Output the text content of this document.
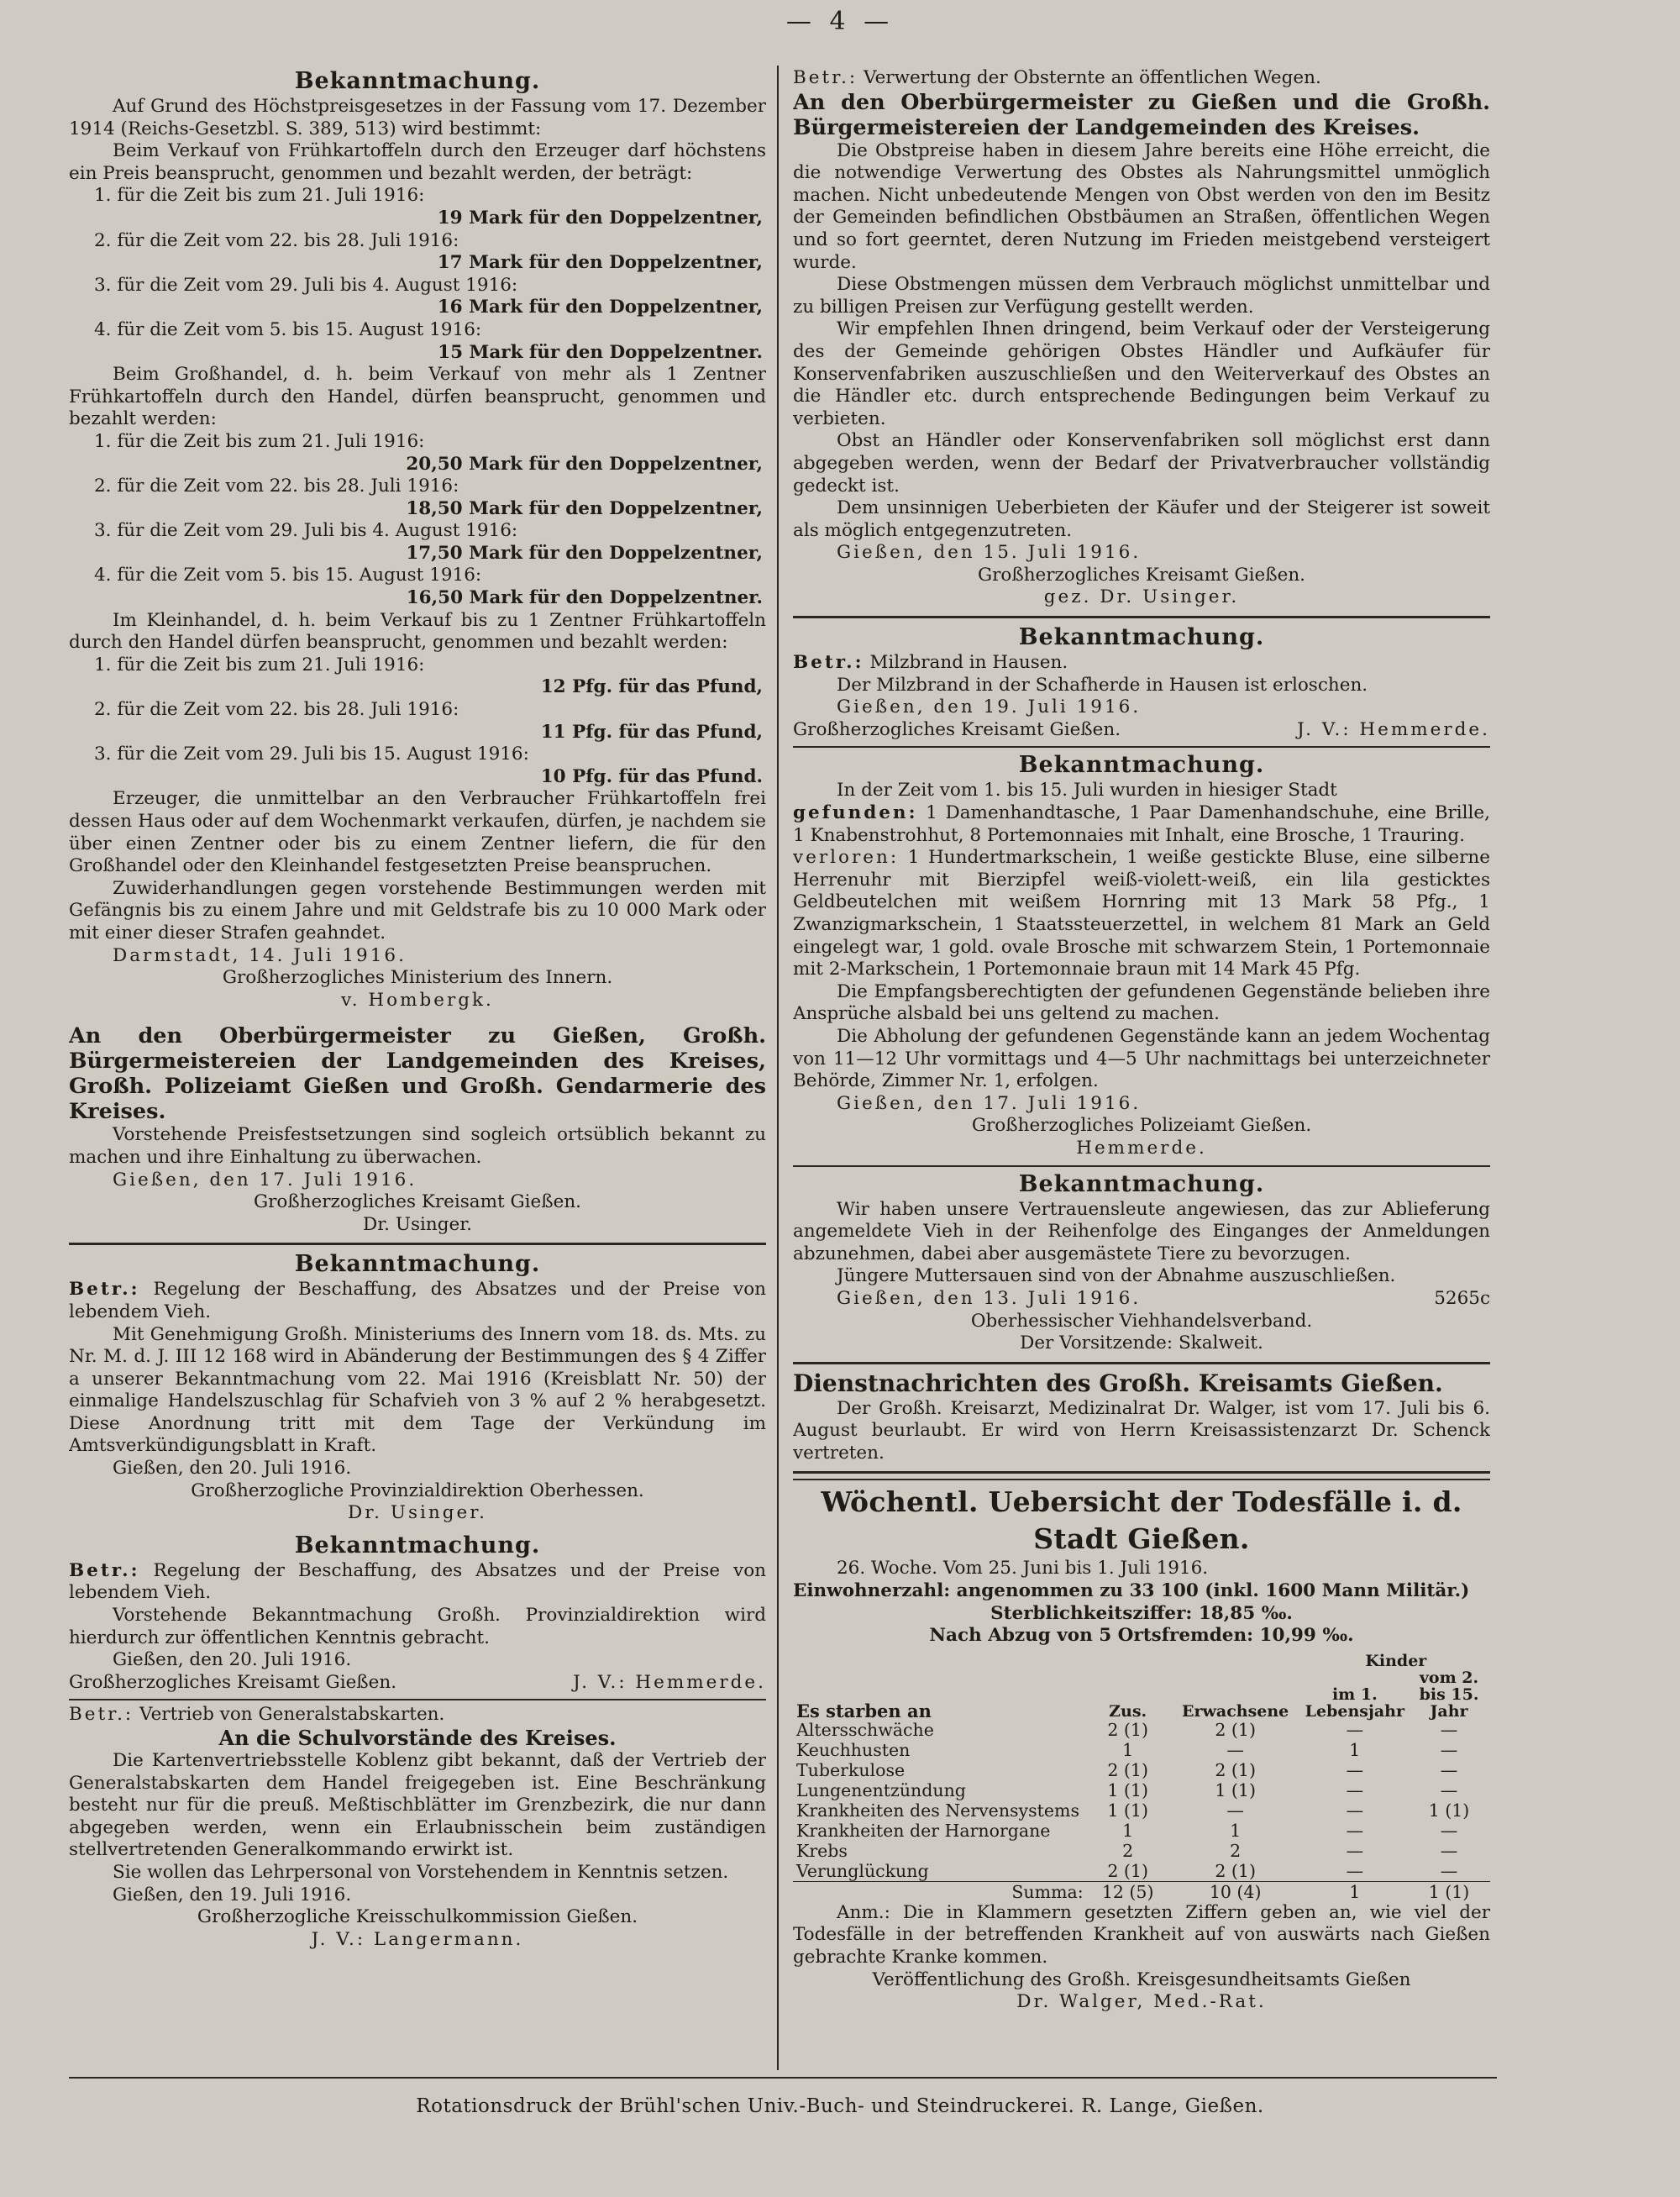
— 4 —
Bekanntmachung.

Auf Grund des Höchstpreisgesetzes in der Fassung vom 17. Dezember 1914 (Reichs-Gesetzbl. S. 389, 513) wird bestimmt:

Beim Verkauf von Frühkartoffeln durch den Erzeuger darf höchstens ein Preis beansprucht, genommen und bezahlt werden, der beträgt:

1. für die Zeit bis zum 21. Juli 1916:

19 Mark für den Doppelzentner,

2. für die Zeit vom 22. bis 28. Juli 1916:

17 Mark für den Doppelzentner,

3. für die Zeit vom 29. Juli bis 4. August 1916:

16 Mark für den Doppelzentner,

4. für die Zeit vom 5. bis 15. August 1916:

15 Mark für den Doppelzentner.

Beim Großhandel, d. h. beim Verkauf von mehr als 1 Zentner Frühkartoffeln durch den Handel, dürfen beansprucht, genommen und bezahlt werden:

1. für die Zeit bis zum 21. Juli 1916:

20,50 Mark für den Doppelzentner,

2. für die Zeit vom 22. bis 28. Juli 1916:

18,50 Mark für den Doppelzentner,

3. für die Zeit vom 29. Juli bis 4. August 1916:

17,50 Mark für den Doppelzentner,

4. für die Zeit vom 5. bis 15. August 1916:

16,50 Mark für den Doppelzentner.

Im Kleinhandel, d. h. beim Verkauf bis zu 1 Zentner Frühkartoffeln durch den Handel dürfen beansprucht, genommen und bezahlt werden:

1. für die Zeit bis zum 21. Juli 1916:

12 Pfg. für das Pfund,

2. für die Zeit vom 22. bis 28. Juli 1916:

11 Pfg. für das Pfund,

3. für die Zeit vom 29. Juli bis 15. August 1916:

10 Pfg. für das Pfund.

Erzeuger, die unmittelbar an den Verbraucher Frühkartoffeln frei dessen Haus oder auf dem Wochenmarkt verkaufen, dürfen, je nachdem sie über einen Zentner oder bis zu einem Zentner liefern, die für den Großhandel oder den Kleinhandel festgesetzten Preise beanspruchen.

Zuwiderhandlungen gegen vorstehende Bestimmungen werden mit Gefängnis bis zu einem Jahre und mit Geldstrafe bis zu 10 000 Mark oder mit einer dieser Strafen geahndet.

Darmstadt, 14. Juli 1916.

Großherzogliches Ministerium des Innern.

v. Hombergk.

An den Oberbürgermeister zu Gießen, Großh. Bürgermeistereien der Landgemeinden des Kreises, Großh. Polizeiamt Gießen und Großh. Gendarmerie des Kreises.

Vorstehende Preisfestsetzungen sind sogleich ortsüblich bekannt zu machen und ihre Einhaltung zu überwachen.

Gießen, den 17. Juli 1916.

Großherzogliches Kreisamt Gießen.

Dr. Usinger.

Bekanntmachung.

Betr.: Regelung der Beschaffung, des Absatzes und der Preise von lebendem Vieh.

Mit Genehmigung Großh. Ministeriums des Innern vom 18. ds. Mts. zu Nr. M. d. J. III 12 168 wird in Abänderung der Bestimmungen des § 4 Ziffer a unserer Bekanntmachung vom 22. Mai 1916 (Kreisblatt Nr. 50) der einmalige Handelszuschlag für Schafvieh von 3 % auf 2 % herabgesetzt. Diese Anordnung tritt mit dem Tage der Verkündung im Amtsverkündigungsblatt in Kraft.

Gießen, den 20. Juli 1916.

Großherzogliche Provinzialdirektion Oberhessen.

Dr. Usinger.

Bekanntmachung.

Betr.: Regelung der Beschaffung, des Absatzes und der Preise von lebendem Vieh.

Vorstehende Bekanntmachung Großh. Provinzialdirektion wird hierdurch zur öffentlichen Kenntnis gebracht.

Gießen, den 20. Juli 1916.

Großherzogliches Kreisamt Gießen.	J. V.: Hemmerde.

Betr.: Vertrieb von Generalstabskarten.

An die Schulvorstände des Kreises.

Die Kartenvertriebsstelle Koblenz gibt bekannt, daß der Vertrieb der Generalstabskarten dem Handel freigegeben ist. Eine Beschränkung besteht nur für die preuß. Meßtischblätter im Grenzbezirk, die nur dann abgegeben werden, wenn ein Erlaubnisschein beim zuständigen stellvertretenden Generalkommando erwirkt ist.

Sie wollen das Lehrpersonal von Vorstehendem in Kenntnis setzen.

Gießen, den 19. Juli 1916.

Großherzogliche Kreisschulkommission Gießen.

J. V.: Langermann.

Betr.: Verwertung der Obsternte an öffentlichen Wegen.

An den Oberbürgermeister zu Gießen und die Großh. Bürgermeistereien der Landgemeinden des Kreises.

Die Obstpreise haben in diesem Jahre bereits eine Höhe erreicht, die die notwendige Verwertung des Obstes als Nahrungsmittel unmöglich machen. Nicht unbedeutende Mengen von Obst werden von den im Besitz der Gemeinden befindlichen Obstbäumen an Straßen, öffentlichen Wegen und so fort geerntet, deren Nutzung im Frieden meistgebend versteigert wurde.

Diese Obstmengen müssen dem Verbrauch möglichst unmittelbar und zu billigen Preisen zur Verfügung gestellt werden.

Wir empfehlen Ihnen dringend, beim Verkauf oder der Versteigerung des der Gemeinde gehörigen Obstes Händler und Aufkäufer für Konservenfabriken auszuschließen und den Weiterverkauf des Obstes an die Händler etc. durch entsprechende Bedingungen beim Verkauf zu verbieten.

Obst an Händler oder Konservenfabriken soll möglichst erst dann abgegeben werden, wenn der Bedarf der Privatverbraucher vollständig gedeckt ist.

Dem unsinnigen Ueberbieten der Käufer und der Steigerer ist soweit als möglich entgegenzutreten.

Gießen, den 15. Juli 1916.

Großherzogliches Kreisamt Gießen.

gez. Dr. Usinger.

Bekanntmachung.

Betr.: Milzbrand in Hausen.

Der Milzbrand in der Schafherde in Hausen ist erloschen.

Gießen, den 19. Juli 1916.

Großherzogliches Kreisamt Gießen.	J. V.: Hemmerde.

Bekanntmachung.

In der Zeit vom 1. bis 15. Juli wurden in hiesiger Stadt

gefunden: 1 Damenhandtasche, 1 Paar Damenhandschuhe, eine Brille, 1 Knabenstrohhut, 8 Portemonnaies mit Inhalt, eine Brosche, 1 Trauring.

verloren: 1 Hundertmarkschein, 1 weiße gestickte Bluse, eine silberne Herrenuhr mit Bierzipfel weiß-violett-weiß, ein lila gesticktes Geldbeutelchen mit weißem Hornring mit 13 Mark 58 Pfg., 1 Zwanzigmarkschein, 1 Staatssteuerzettel, in welchem 81 Mark an Geld eingelegt war, 1 gold. ovale Brosche mit schwarzem Stein, 1 Portemonnaie mit 2-Markschein, 1 Portemonnaie braun mit 14 Mark 45 Pfg.

Die Empfangsberechtigten der gefundenen Gegenstände belieben ihre Ansprüche alsbald bei uns geltend zu machen.

Die Abholung der gefundenen Gegenstände kann an jedem Wochentag von 11—12 Uhr vormittags und 4—5 Uhr nachmittags bei unterzeichneter Behörde, Zimmer Nr. 1, erfolgen.

Gießen, den 17. Juli 1916.

Großherzogliches Polizeiamt Gießen.

Hemmerde.

Bekanntmachung.

Wir haben unsere Vertrauensleute angewiesen, das zur Ablieferung angemeldete Vieh in der Reihenfolge des Einganges der Anmeldungen abzunehmen, dabei aber ausgemästete Tiere zu bevorzugen.

Jüngere Muttersauen sind von der Abnahme auszuschließen.

Gießen, den 13. Juli 1916.	5265c

Oberhessischer Viehhandelsverband.

Der Vorsitzende: Skalweit.

Dienstnachrichten des Großh. Kreisamts Gießen.

Der Großh. Kreisarzt, Medizinalrat Dr. Walger, ist vom 17. Juli bis 6. August beurlaubt. Er wird von Herrn Kreisassistenzarzt Dr. Schenck vertreten.

Wöchentl. Uebersicht der Todesfälle i. d. Stadt Gießen.

26. Woche. Vom 25. Juni bis 1. Juli 1916.

Einwohnerzahl: angenommen zu 33 100 (inkl. 1600 Mann Militär.)

Sterblichkeitsziffer: 18,85 ‰.

Nach Abzug von 5 Ortsfremden: 10,99 ‰.

Es starben an	Zus.	Erwachsene	Kinder	
			im 1. Lebensjahr	vom 2. bis 15. Jahr
Altersschwäche	2 (1)	2 (1)	—	—
Keuchhusten	1	—	1	—
Tuberkulose	2 (1)	2 (1)	—	—
Lungenentzündung	1 (1)	1 (1)	—	—
Krankheiten des Nervensystems	1 (1)	—	—	1 (1)
Krankheiten der Harnorgane	1	1	—	—
Krebs	2	2	—	—
Verunglückung	2 (1)	2 (1)	—	—
Summa:	12 (5)	10 (4)	1	1 (1)

Anm.: Die in Klammern gesetzten Ziffern geben an, wie viel der Todesfälle in der betreffenden Krankheit auf von auswärts nach Gießen gebrachte Kranke kommen.

Veröffentlichung des Großh. Kreisgesundheitsamts Gießen

Dr. Walger, Med.-Rat.

Rotationsdruck der Brühl'schen Univ.-Buch- und Steindruckerei. R. Lange, Gießen.
